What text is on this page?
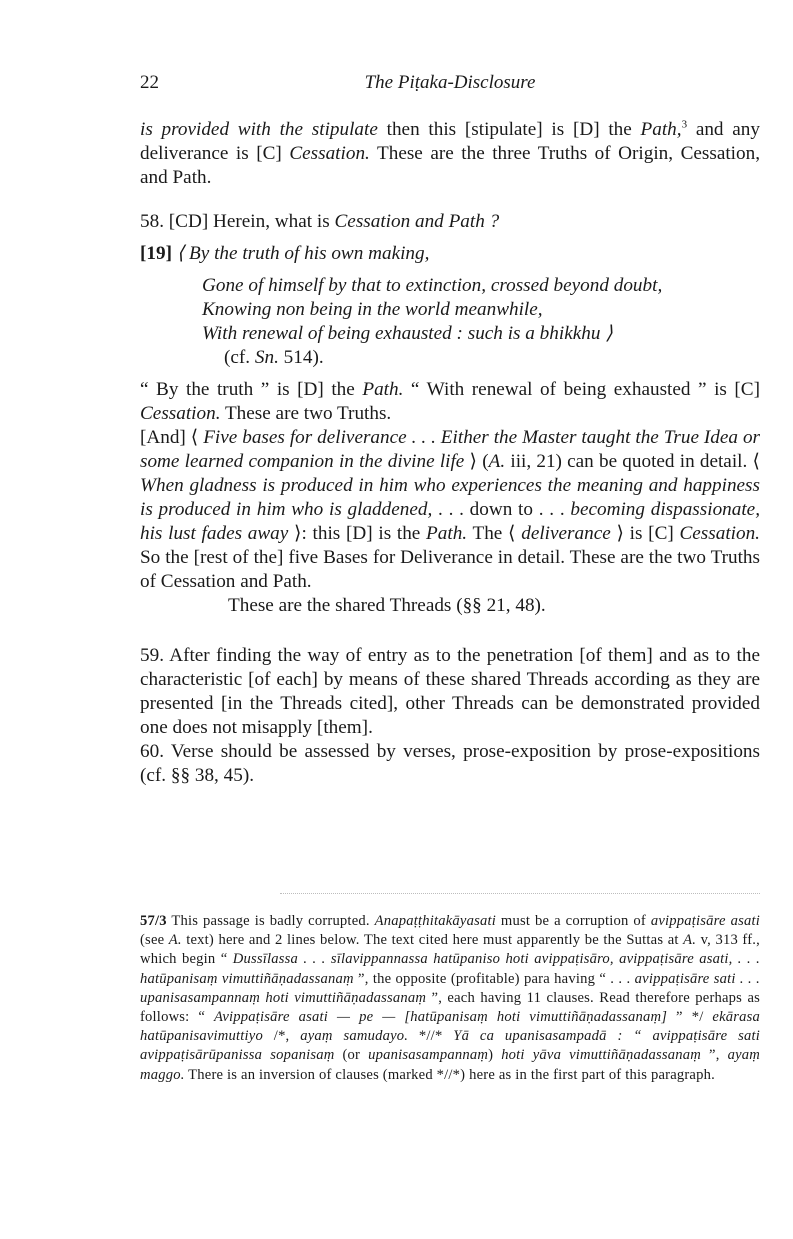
22	The Piṭaka-Disclosure

is provided with the stipulate then this [stipulate] is [D] the Path,$^3$ and any deliverance is [C] Cessation. These are the three Truths of Origin, Cessation, and Path.

58. [CD] Herein, what is Cessation and Path ?

[19] ⟨ By the truth of his own making,

Gone of himself by that to extinction, crossed beyond doubt,

Knowing non being in the world meanwhile,

With renewal of being exhausted : such is a bhikkhu ⟩

(cf. Sn. 514).

“ By the truth ” is [D] the Path. “ With renewal of being exhausted ” is [C] Cessation. These are two Truths.

[And] ⟨ Five bases for deliverance . . . Either the Master taught the True Idea or some learned companion in the divine life ⟩ (A. iii, 21) can be quoted in detail. ⟨ When gladness is produced in him who experiences the meaning and happiness is produced in him who is gladdened, . . . down to . . . becoming dispassionate, his lust fades away ⟩: this [D] is the Path. The ⟨ deliverance ⟩ is [C] Cessation. So the [rest of the] five Bases for Deliverance in detail. These are the two Truths of Cessation and Path.

These are the shared Threads (§§ 21, 48).

59. After finding the way of entry as to the penetration [of them] and as to the characteristic [of each] by means of these shared Threads according as they are presented [in the Threads cited], other Threads can be demonstrated provided one does not misapply [them].

60. Verse should be assessed by verses, prose-exposition by prose-expositions (cf. §§ 38, 45).

57/3 This passage is badly corrupted. Anapaṭṭhitakāyasati must be a corruption of avippaṭisāre asati (see A. text) here and 2 lines below. The text cited here must apparently be the Suttas at A. v, 313 ff., which begin “ Dussīlassa . . . sīlavippannassa hatūpaniso hoti avippaṭisāro, avippaṭisāre asati, . . . hatūpanisaṃ vimuttiñāṇadassanaṃ ”, the opposite (profitable) para having “ . . . avippaṭisāre sati . . . upanisasampannaṃ hoti vimuttiñāṇadassanaṃ ”, each having 11 clauses. Read therefore perhaps as follows: “ Avippaṭisāre asati — pe — [hatūpanisaṃ hoti vimuttiñāṇadassanaṃ] ” */ ekārasa hatūpanisavimuttiyo /*, ayaṃ samudayo. *//* Yā ca upanisasampadā : “ avippaṭisāre sati avippaṭisārūpanissa sopanisaṃ (or upanisasampannaṃ) hoti yāva vimuttiñāṇadassanaṃ ”, ayaṃ maggo. There is an inversion of clauses (marked *//*) here as in the first part of this paragraph.
